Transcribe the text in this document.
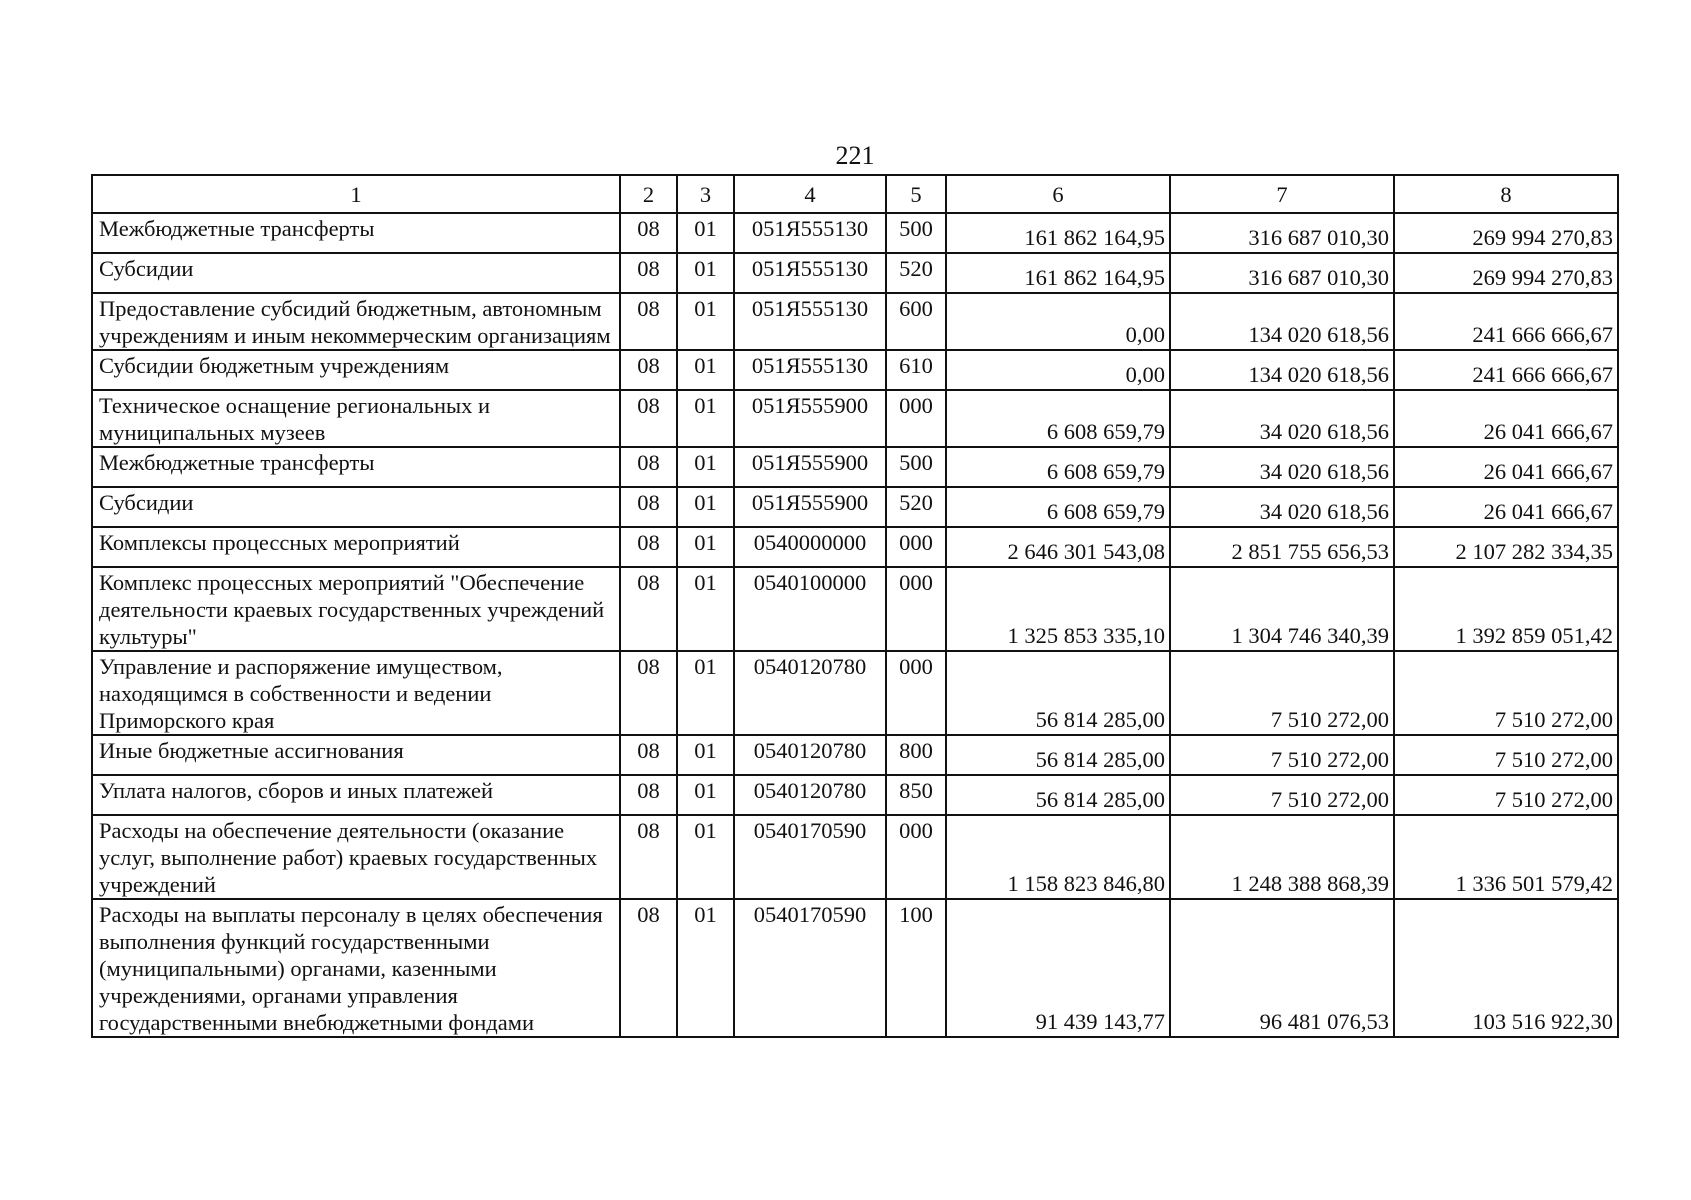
221
1	2	3	4	5	6	7	8
Межбюджетные трансферты	08	01	051Я555130	500	161 862 164,95	316 687 010,30	269 994 270,83
Субсидии	08	01	051Я555130	520	161 862 164,95	316 687 010,30	269 994 270,83
Предоставление субсидий бюджетным, автономным учреждениям и иным некоммерческим организациям	08	01	051Я555130	600	0,00	134 020 618,56	241 666 666,67
Субсидии бюджетным учреждениям	08	01	051Я555130	610	0,00	134 020 618,56	241 666 666,67
Техническое оснащение региональных и муниципальных музеев	08	01	051Я555900	000	6 608 659,79	34 020 618,56	26 041 666,67
Межбюджетные трансферты	08	01	051Я555900	500	6 608 659,79	34 020 618,56	26 041 666,67
Субсидии	08	01	051Я555900	520	6 608 659,79	34 020 618,56	26 041 666,67
Комплексы процессных мероприятий	08	01	0540000000	000	2 646 301 543,08	2 851 755 656,53	2 107 282 334,35
Комплекс процессных мероприятий "Обеспечение деятельности краевых государственных учреждений культуры"	08	01	0540100000	000	1 325 853 335,10	1 304 746 340,39	1 392 859 051,42
Управление и распоряжение имуществом, находящимся в собственности и ведении Приморского края	08	01	0540120780	000	56 814 285,00	7 510 272,00	7 510 272,00
Иные бюджетные ассигнования	08	01	0540120780	800	56 814 285,00	7 510 272,00	7 510 272,00
Уплата налогов, сборов и иных платежей	08	01	0540120780	850	56 814 285,00	7 510 272,00	7 510 272,00
Расходы на обеспечение деятельности (оказание услуг, выполнение работ) краевых государственных учреждений	08	01	0540170590	000	1 158 823 846,80	1 248 388 868,39	1 336 501 579,42
Расходы на выплаты персоналу в целях обеспечения выполнения функций государственными (муниципальными) органами, казенными учреждениями, органами управления государственными внебюджетными фондами	08	01	0540170590	100	91 439 143,77	96 481 076,53	103 516 922,30
